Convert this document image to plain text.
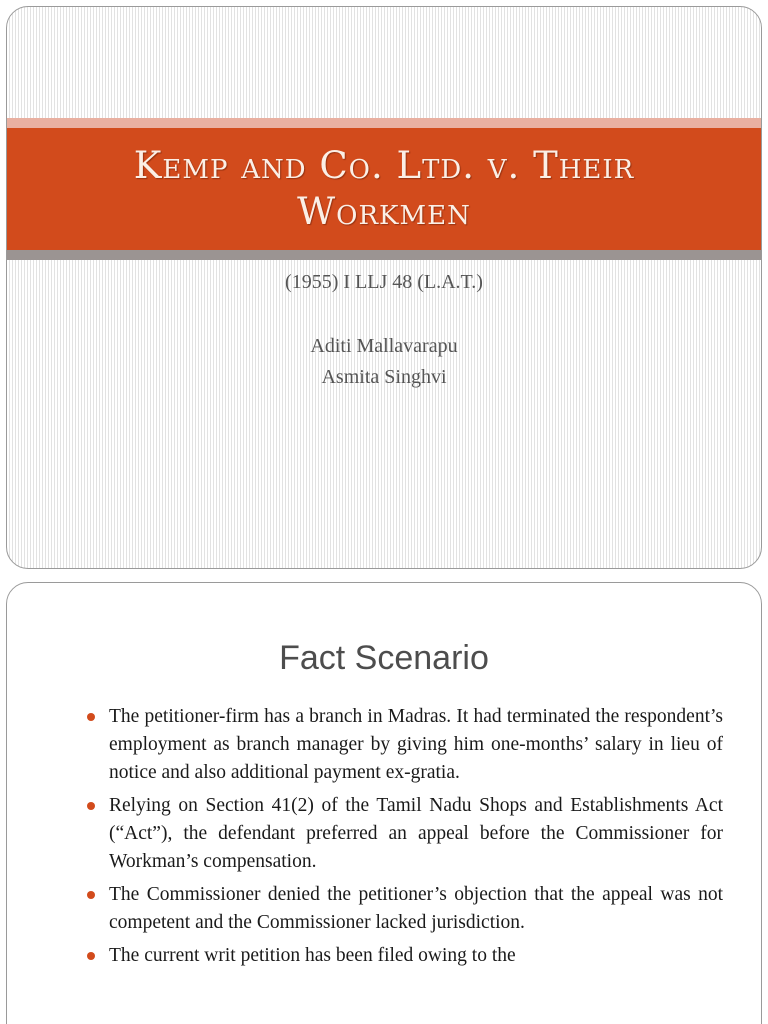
Kemp and Co. Ltd. v. Their Workmen
(1955) I LLJ 48 (L.A.T.)
Aditi Mallavarapu
Asmita Singhvi
Fact Scenario
The petitioner-firm has a branch in Madras. It had terminated the respondent’s employment as branch manager by giving him one-months’ salary in lieu of notice and also additional payment ex-gratia.
Relying on Section 41(2) of the Tamil Nadu Shops and Establishments Act (“Act”), the defendant preferred an appeal before the Commissioner for Workman’s compensation.
The Commissioner denied the petitioner’s objection that the appeal was not competent and the Commissioner lacked jurisdiction.
The current writ petition has been filed owing to the
